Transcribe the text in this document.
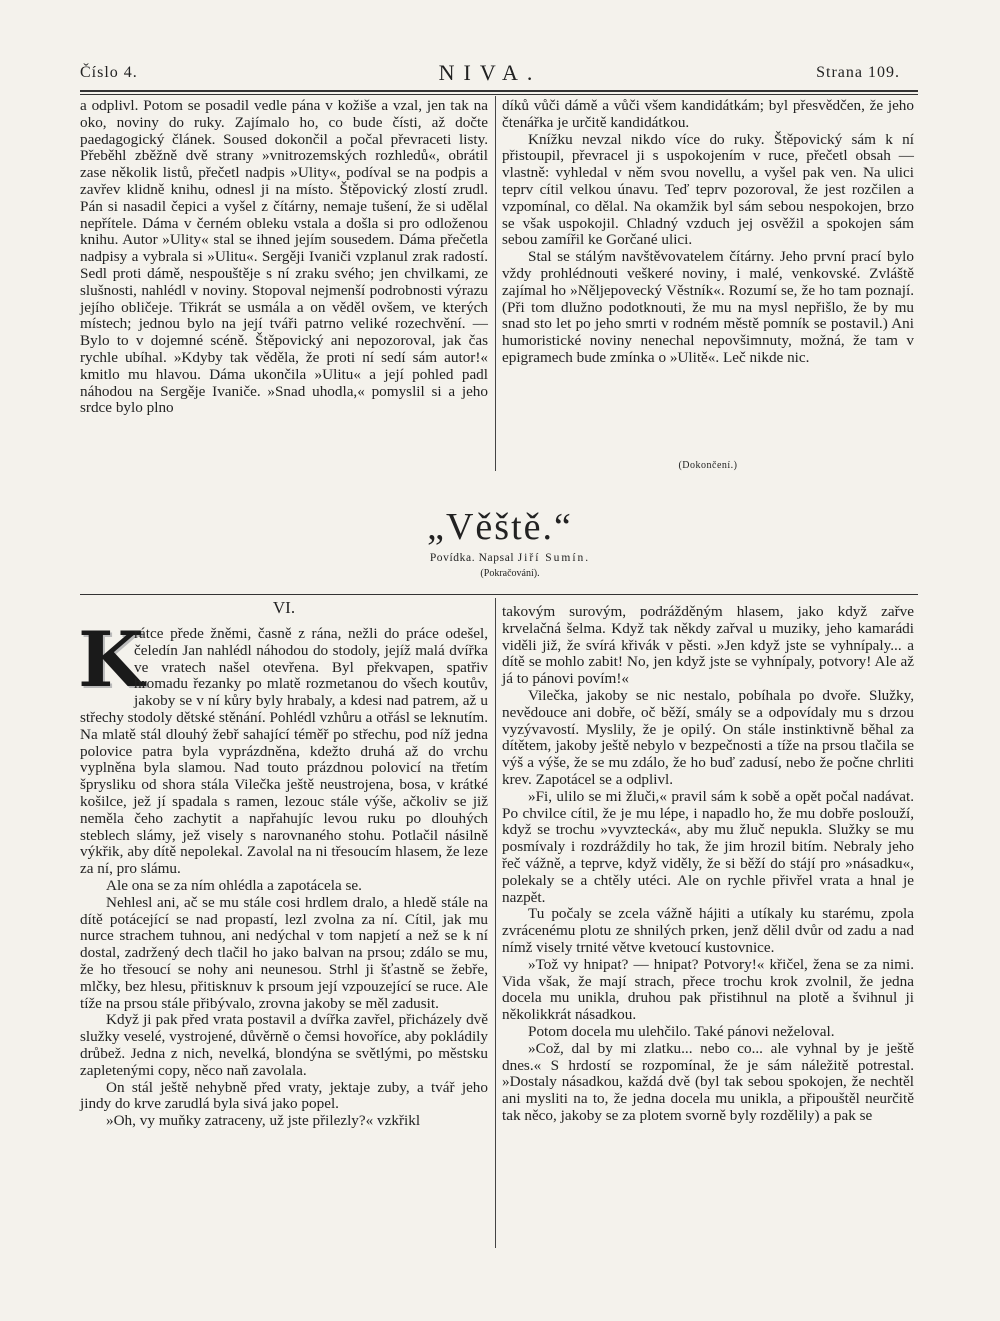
Číslo 4.	NIVA.	Strana 109.

a odplivl. Potom se posadil vedle pána v kožiše a vzal, jen tak na oko, noviny do ruky. Zajímalo ho, co bude čísti, až dočte paedagogický článek. Soused dokončil a počal převraceti listy. Přeběhl zběžně dvě strany »vnitrozemských rozhledů«, obrátil zase několik listů, přečetl nadpis »Ulity«, podíval se na podpis a zavřev klidně knihu, odnesl ji na místo. Štěpovický zlostí zrudl. Pán si nasadil čepici a vyšel z čítárny, nemaje tušení, že si udělal nepřítele. Dáma v černém obleku vstala a došla si pro odloženou knihu. Autor »Ulity« stal se ihned jejím sousedem. Dáma přečetla nadpisy a vybrala si »Ulitu«. Sergěji Ivaniči vzplanul zrak radostí. Sedl proti dámě, nespouštěje s ní zraku svého; jen chvilkami, ze slušnosti, nahlédl v noviny. Stopoval nejmenší podrobnosti výrazu jejího obličeje. Třikrát se usmála a on věděl ovšem, ve kterých místech; jednou bylo na její tváři patrno veliké rozechvění. — Bylo to v dojemné scéně. Štěpovický ani nepozoroval, jak čas rychle ubíhal. »Kdyby tak věděla, že proti ní sedí sám autor!« kmitlo mu hlavou. Dáma ukončila »Ulitu« a její pohled padl náhodou na Sergěje Ivaniče. »Snad uhodla,« pomyslil si a jeho srdce bylo plno

díků vůči dámě a vůči všem kandidátkám; byl přesvědčen, že jeho čtenářka je určitě kandidátkou.

Knížku nevzal nikdo více do ruky. Štěpovický sám k ní přistoupil, převracel ji s uspokojením v ruce, přečetl obsah — vlastně: vyhledal v něm svou novellu, a vyšel pak ven. Na ulici teprv cítil velkou únavu. Teď teprv pozoroval, že jest rozčilen a vzpomínal, co dělal. Na okamžik byl sám sebou nespokojen, brzo se však uspokojil. Chladný vzduch jej osvěžil a spokojen sám sebou zamířil ke Gorčané ulici.

Stal se stálým navštěvovatelem čítárny. Jeho první prací bylo vždy prohlédnouti veškeré noviny, i malé, venkovské. Zvláště zajímal ho »Něljepovecký Věstník«. Rozumí se, že ho tam poznají. (Při tom dlužno podotknouti, že mu na mysl nepřišlo, že by mu snad sto let po jeho smrti v rodném městě pomník se postavil.) Ani humoristické noviny nenechal nepovšimnuty, možná, že tam v epigramech bude zmínka o »Ulitě«. Leč nikde nic.

(Dokončení.)
„Věště.“
Povídka. Napsal Jiří Sumín.
(Pokračování).
VI.

K
rátce přede žněmi, časně z rána, nežli do práce odešel, čeledín Jan nahlédl náhodou do stodoly, jejíž malá dvířka ve vratech našel otevřena. Byl překvapen, spatřiv hromadu řezanky po mlatě rozmetanou do všech koutův, jakoby se v ní kůry byly hrabaly, a kdesi nad patrem, až u střechy stodoly dětské stěnání. Pohlédl vzhůru a otřásl se leknutím. Na mlatě stál dlouhý žebř sahající téměř po střechu, pod níž jedna polovice patra byla vyprázdněna, kdežto druhá až do vrchu vyplněna byla slamou. Nad touto prázdnou polovicí na třetím šprysliku od shora stála Vilečka ještě neustrojena, bosa, v krátké košilce, jež jí spadala s ramen, lezouc stále výše, ačkoliv se již neměla čeho zachytit a napřahujíc levou ruku po dlouhých steblech slámy, jež visely s narovnaného stohu. Potlačil násilně výkřik, aby dítě nepolekal. Zavolal na ni třesoucím hlasem, že leze za ní, pro slámu.

Ale ona se za ním ohlédla a zapotácela se.

Nehlesl ani, ač se mu stále cosi hrdlem dralo, a hledě stále na dítě potácející se nad propastí, lezl zvolna za ní. Cítil, jak mu nurce strachem tuhnou, ani nedýchal v tom napjetí a než se k ní dostal, zadržený dech tlačil ho jako balvan na prsou; zdálo se mu, že ho třesoucí se nohy ani neunesou. Strhl ji šťastně se žebře, mlčky, bez hlesu, přitisknuv k prsoum její vzpouzející se ruce. Ale tíže na prsou stále přibývalo, zrovna jakoby se měl zadusit.

Když ji pak před vrata postavil a dvířka zavřel, přicházely dvě služky veselé, vystrojené, důvěrně o čemsi hovoříce, aby pokládily drůbež. Jedna z nich, nevelká, blondýna se světlými, po městsku zapletenými copy, něco naň zavolala.

On stál ještě nehybně před vraty, jektaje zuby, a tvář jeho jindy do krve zarudlá byla sivá jako popel.

»Oh, vy muňky zatraceny, už jste přilezly?« vzkřikl

takovým surovým, podrážděným hlasem, jako když zařve krvelačná šelma. Když tak někdy zařval u muziky, jeho kamarádi viděli již, že svírá křivák v pěsti. »Jen když jste se vyhnípaly... a dítě se mohlo zabit! No, jen když jste se vyhnípaly, potvory! Ale až já to pánovi povím!«

Vilečka, jakoby se nic nestalo, pobíhala po dvoře. Služky, nevědouce ani dobře, oč běží, smály se a odpovídaly mu s drzou vyzývavostí. Myslily, že je opilý. On stále instinktivně běhal za dítětem, jakoby ještě nebylo v bezpečnosti a tíže na prsou tlačila se výš a výše, že se mu zdálo, že ho buď zadusí, nebo že počne chrliti krev. Zapotácel se a odplivl.

»Fi, ulilo se mi žluči,« pravil sám k sobě a opět počal nadávat. Po chvilce cítil, že je mu lépe, i napadlo ho, že mu dobře poslouží, když se trochu »vyvztecká«, aby mu žluč nepukla. Služky se mu posmívaly i rozdráždily ho tak, že jim hrozil bitím. Nebraly jeho řeč vážně, a teprve, když viděly, že si běží do stájí pro »násadku«, polekaly se a chtěly utéci. Ale on rychle přivřel vrata a hnal je nazpět.

Tu počaly se zcela vážně hájiti a utíkaly ku starému, zpola zvrácenému plotu ze shnilých prken, jenž dělil dvůr od zadu a nad nímž visely trnité větve kvetoucí kustovnice.

»Tož vy hnipat? — hnipat? Potvory!« křičel, žena se za nimi. Vida však, že mají strach, přece trochu krok zvolnil, že jedna docela mu unikla, druhou pak přistihnul na plotě a švihnul ji několikkrát násadkou.

Potom docela mu ulehčilo. Také pánovi neželoval.

»Což, dal by mi zlatku... nebo co... ale vyhnal by je ještě dnes.« S hrdostí se rozpomínal, že je sám náležitě potrestal. »Dostaly násadkou, každá dvě (byl tak sebou spokojen, že nechtěl ani mysliti na to, že jedna docela mu unikla, a připouštěl neurčitě tak něco, jakoby se za plotem svorně byly rozdělily) a pak se
